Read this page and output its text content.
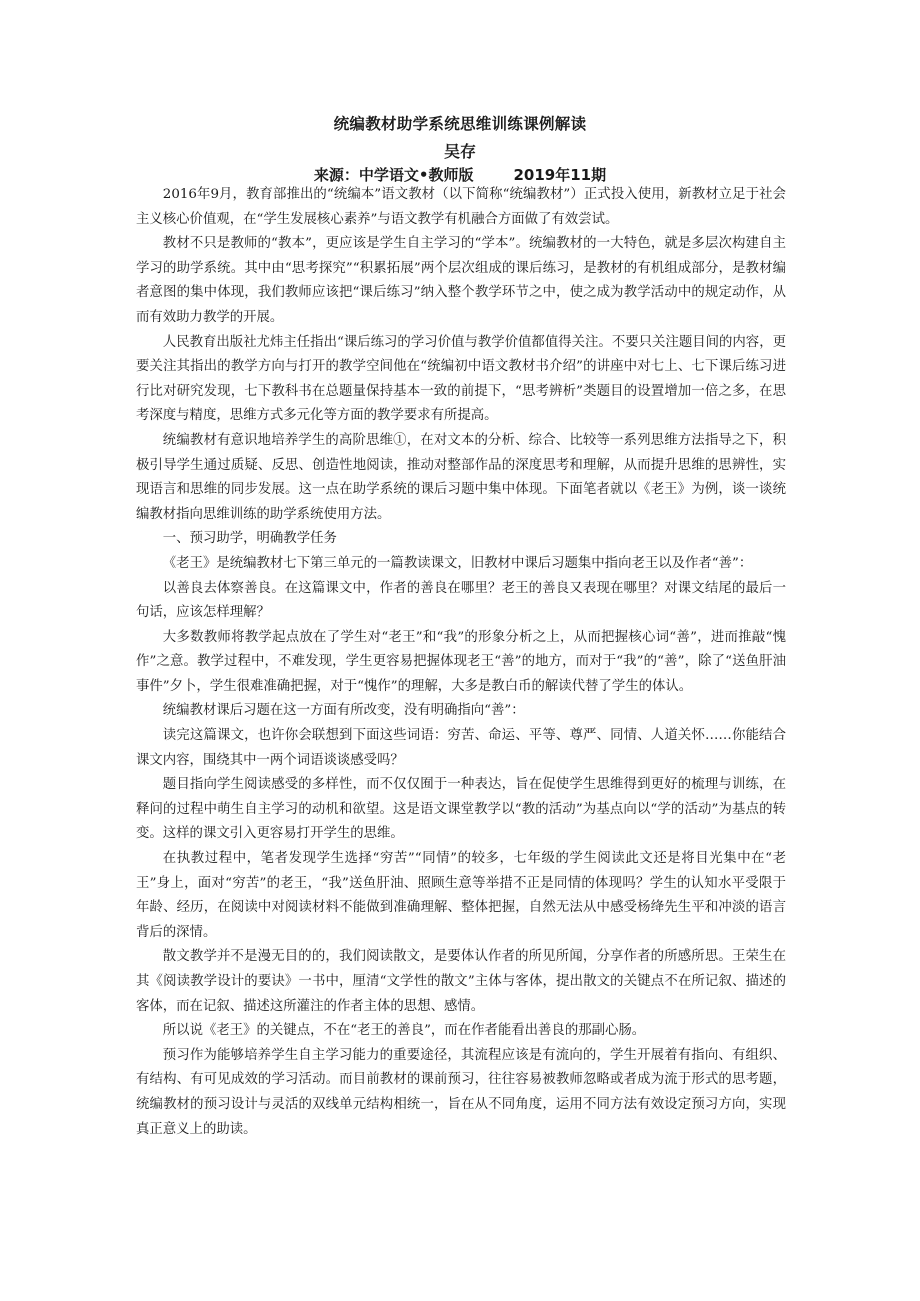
统编教材助学系统思维训练课例解读
吴存
来源：中学语文•教师版	2019年11期

2016年9月，教育部推出的“统编本”语文教材（以下简称“统编教材”）正式投入使用，新教材立足于社会主义核心价值观，在“学生发展核心素养”与语文教学有机融合方面做了有效尝试。

教材不只是教师的“教本”，更应该是学生自主学习的“学本”。统编教材的一大特色，就是多层次构建自主学习的助学系统。其中由“思考探究”“积累拓展”两个层次组成的课后练习，是教材的有机组成部分，是教材编者意图的集中体现，我们教师应该把“课后练习”纳入整个教学环节之中，使之成为教学活动中的规定动作，从而有效助力教学的开展。

人民教育出版社尤炜主任指出“课后练习的学习价值与教学价值都值得关注。不要只关注题目间的内容，更要关注其指出的教学方向与打开的教学空间他在“统编初中语文教材书介绍”的讲座中对七上、七下课后练习进行比对研究发现，七下教科书在总题量保持基本一致的前提下，“思考辨析”类题目的设置增加一倍之多，在思考深度与精度，思维方式多元化等方面的教学要求有所提高。

统编教材有意识地培养学生的高阶思维①，在对文本的分析、综合、比较等一系列思维方法指导之下，积极引导学生通过质疑、反思、创造性地阅读，推动对整部作品的深度思考和理解，从而提升思维的思辨性，实现语言和思维的同步发展。这一点在助学系统的课后习题中集中体现。下面笔者就以《老王》为例，谈一谈统编教材指向思维训练的助学系统使用方法。

一、预习助学，明确教学任务

《老王》是统编教材七下第三单元的一篇教读课文，旧教材中课后习题集中指向老王以及作者“善”：

以善良去体察善良。在这篇课文中，作者的善良在哪里？老王的善良又表现在哪里？对课文结尾的最后一句话，应该怎样理解？

大多数教师将教学起点放在了学生对“老王”和“我”的形象分析之上，从而把握核心词“善”，进而推敲“愧作”之意。教学过程中，不难发现，学生更容易把握体现老王“善”的地方，而对于“我”的“善”，除了“送鱼肝油事件”夕卜，学生很难准确把握，对于“愧作”的理解，大多是教白币的解读代替了学生的体认。

统编教材课后习题在这一方面有所改变，没有明确指向“善”：

读完这篇课文，也许你会联想到下面这些词语：穷苦、命运、平等、尊严、同情、人道关怀……你能结合课文内容，围绕其中一两个词语谈谈感受吗？

题目指向学生阅读感受的多样性，而不仅仅囿于一种表达，旨在促使学生思维得到更好的梳理与训练，在释问的过程中萌生自主学习的动机和欲望。这是语文课堂教学以“教的活动”为基点向以“学的活动”为基点的转变。这样的课文引入更容易打开学生的思维。

在执教过程中，笔者发现学生选择“穷苦”“同情”的较多，七年级的学生阅读此文还是将目光集中在“老王”身上，面对“穷苦”的老王，“我”送鱼肝油、照顾生意等举措不正是同情的体现吗？学生的认知水平受限于年龄、经历，在阅读中对阅读材料不能做到准确理解、整体把握，自然无法从中感受杨绛先生平和冲淡的语言背后的深情。

散文教学并不是漫无目的的，我们阅读散文，是要体认作者的所见所闻，分享作者的所感所思。王荣生在其《阅读教学设计的要诀》一书中，厘清“文学性的散文”主体与客体，提出散文的关键点不在所记叙、描述的客体，而在记叙、描述这所灌注的作者主体的思想、感情。

所以说《老王》的关键点，不在“老王的善良”，而在作者能看出善良的那副心肠。

预习作为能够培养学生自主学习能力的重要途径，其流程应该是有流向的，学生开展着有指向、有组织、有结构、有可见成效的学习活动。而目前教材的课前预习，往往容易被教师忽略或者成为流于形式的思考题，统编教材的预习设计与灵活的双线单元结构相统一，旨在从不同角度，运用不同方法有效设定预习方向，实现真正意义上的助读。
